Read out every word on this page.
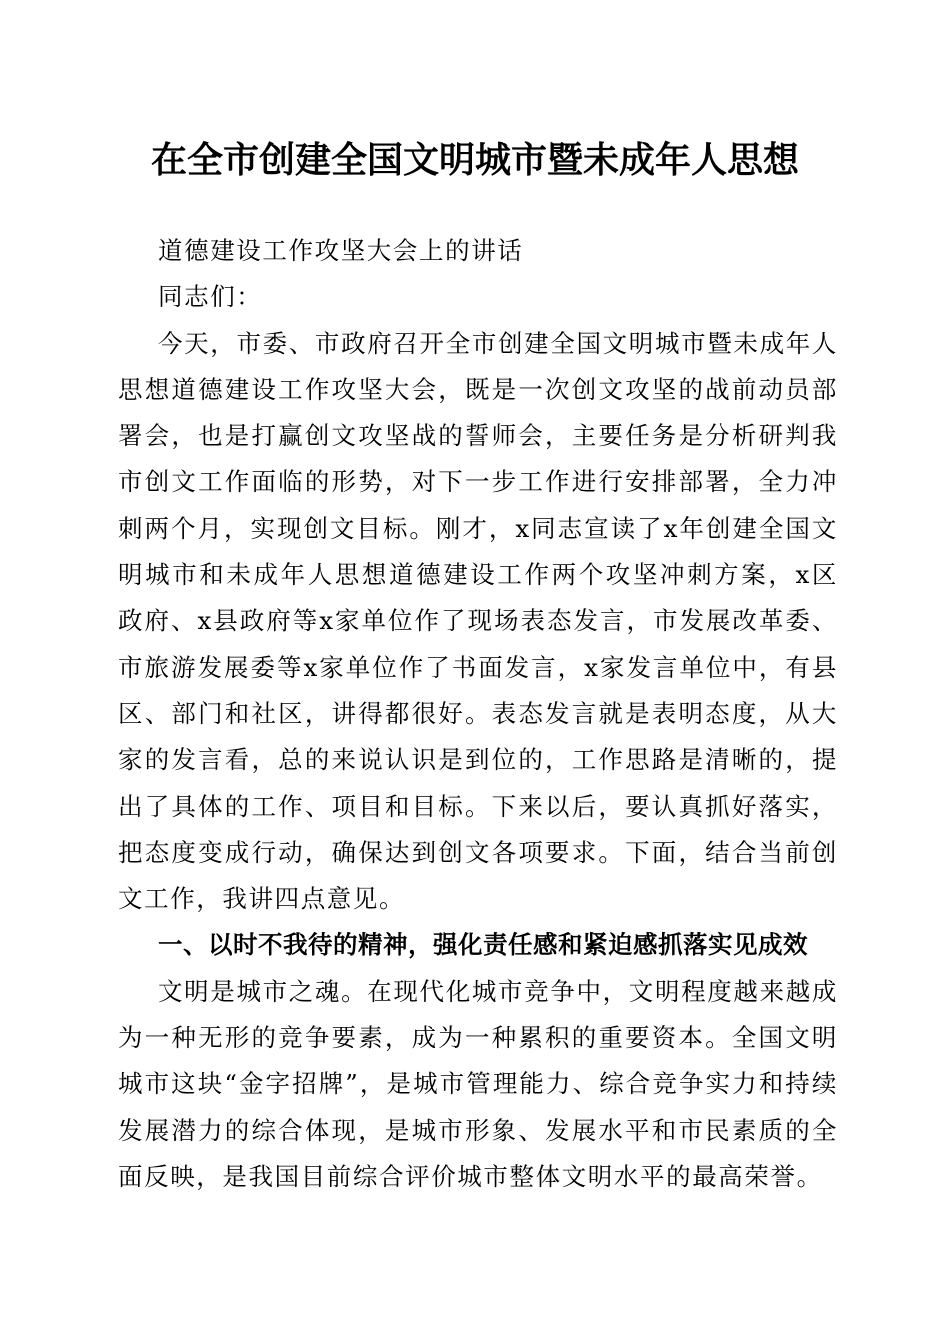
在全市创建全国文明城市暨未成年人思想

道德建设工作攻坚大会上的讲话

同志们：

今天，市委、市政府召开全市创建全国文明城市暨未成年人思想道德建设工作攻坚大会，既是一次创文攻坚的战前动员部署会，也是打赢创文攻坚战的誓师会，主要任务是分析研判我市创文工作面临的形势，对下一步工作进行安排部署，全力冲刺两个月，实现创文目标。刚才，x同志宣读了x年创建全国文明城市和未成年人思想道德建设工作两个攻坚冲刺方案，x区政府、x县政府等x家单位作了现场表态发言，市发展改革委、市旅游发展委等x家单位作了书面发言，x家发言单位中，有县区、部门和社区，讲得都很好。表态发言就是表明态度，从大家的发言看，总的来说认识是到位的，工作思路是清晰的，提出了具体的工作、项目和目标。下来以后，要认真抓好落实，把态度变成行动，确保达到创文各项要求。下面，结合当前创文工作，我讲四点意见。

一、以时不我待的精神，强化责任感和紧迫感抓落实见成效

文明是城市之魂。在现代化城市竞争中，文明程度越来越成为一种无形的竞争要素，成为一种累积的重要资本。全国文明城市这块“金字招牌”，是城市管理能力、综合竞争实力和持续发展潜力的综合体现，是城市形象、发展水平和市民素质的全面反映，是我国目前综合评价城市整体文明水平的最高荣誉。
